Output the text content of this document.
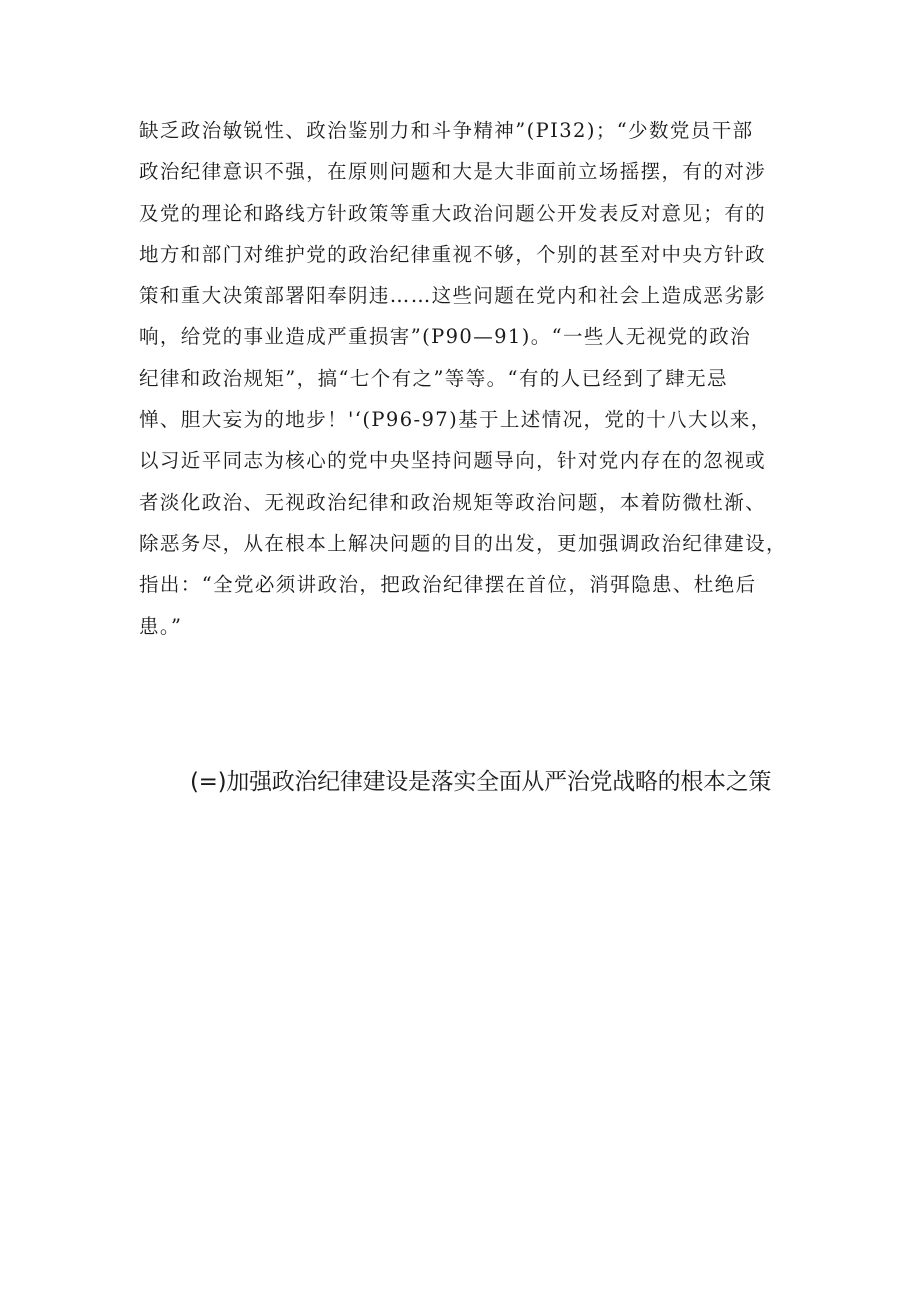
缺乏政治敏锐性、政治鉴别力和斗争精神”(PI32)；“少数党员干部
政治纪律意识不强，在原则问题和大是大非面前立场摇摆，有的对涉
及党的理论和路线方针政策等重大政治问题公开发表反对意见；有的
地方和部门对维护党的政治纪律重视不够，个别的甚至对中央方针政
策和重大决策部署阳奉阴违……这些问题在党内和社会上造成恶劣影
响，给党的事业造成严重损害”(P90—91)。“一些人无视党的政治
纪律和政治规矩”，搞“七个有之”等等。“有的人已经到了肆无忌
惮、胆大妄为的地步！'‘(P96-97)基于上述情况，党的十八大以来，
以习近平同志为核心的党中央坚持问题导向，针对党内存在的忽视或
者淡化政治、无视政治纪律和政治规矩等政治问题，本着防微杜渐、
除恶务尽，从在根本上解决问题的目的出发，更加强调政治纪律建设，
指出：“全党必须讲政治，把政治纪律摆在首位，消弭隐患、杜绝后
患。”

(=)加强政治纪律建设是落实全面从严治党战略的根本之策
